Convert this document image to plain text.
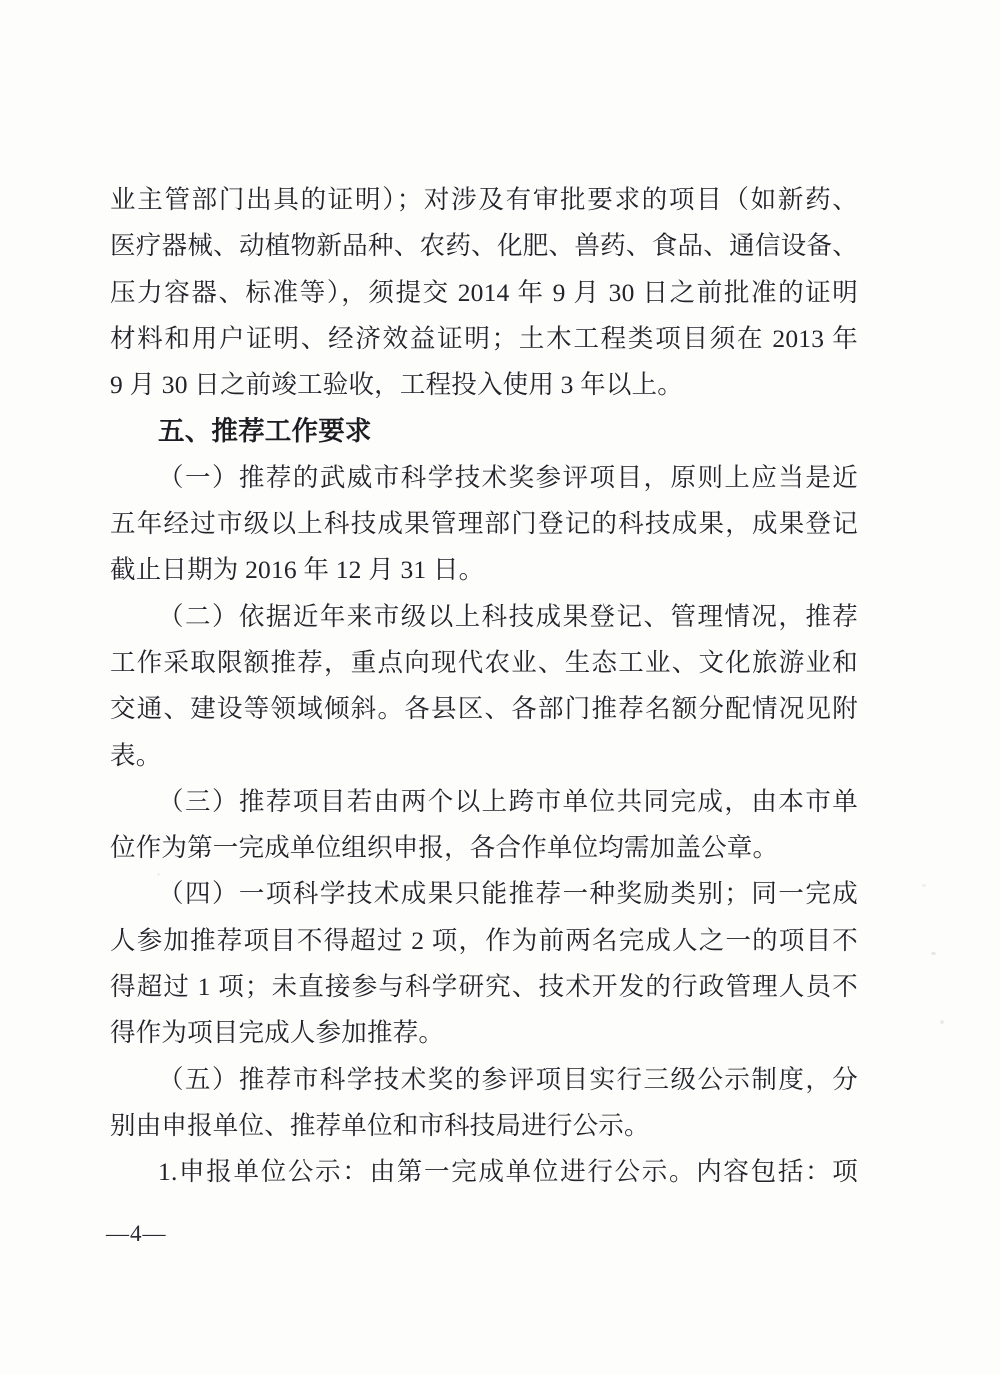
业主管部门出具的证明）；对涉及有审批要求的项目（如新药、
医疗器械、动植物新品种、农药、化肥、兽药、食品、通信设备、
压力容器、标准等），须提交 2014 年 9 月 30 日之前批准的证明
材料和用户证明、经济效益证明；土木工程类项目须在 2013 年
9 月 30 日之前竣工验收，工程投入使用 3 年以上。
五、推荐工作要求
（一）推荐的武威市科学技术奖参评项目，原则上应当是近
五年经过市级以上科技成果管理部门登记的科技成果，成果登记
截止日期为 2016 年 12 月 31 日。
（二）依据近年来市级以上科技成果登记、管理情况，推荐
工作采取限额推荐，重点向现代农业、生态工业、文化旅游业和
交通、建设等领域倾斜。各县区、各部门推荐名额分配情况见附
表。
（三）推荐项目若由两个以上跨市单位共同完成，由本市单
位作为第一完成单位组织申报，各合作单位均需加盖公章。
（四）一项科学技术成果只能推荐一种奖励类别；同一完成
人参加推荐项目不得超过 2 项，作为前两名完成人之一的项目不
得超过 1 项；未直接参与科学研究、技术开发的行政管理人员不
得作为项目完成人参加推荐。
（五）推荐市科学技术奖的参评项目实行三级公示制度，分
别由申报单位、推荐单位和市科技局进行公示。
1.申报单位公示：由第一完成单位进行公示。内容包括：项
—4—
